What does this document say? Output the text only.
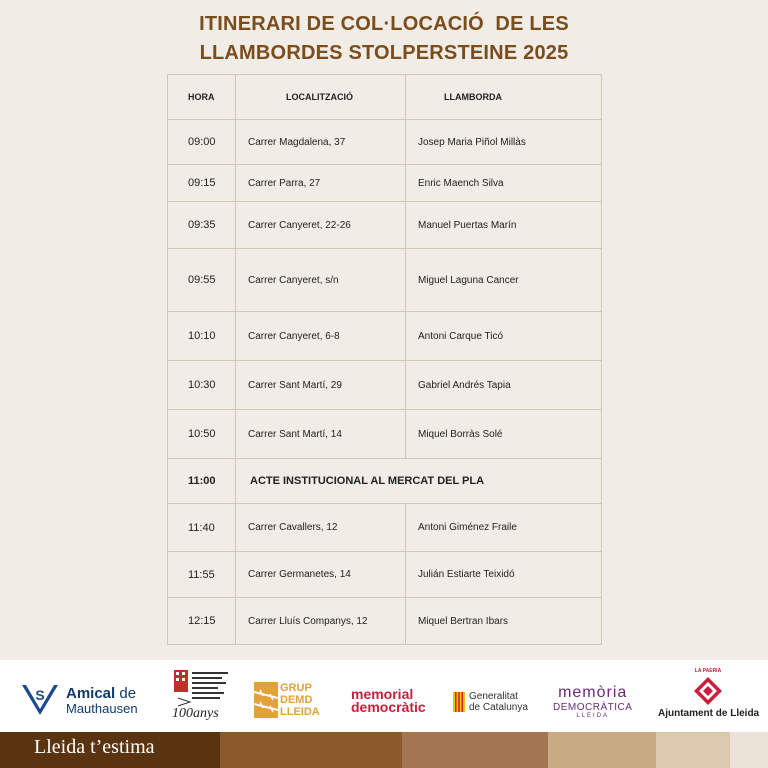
ITINERARI DE COL·LOCACIÓ  DE LES
LLAMBORDES STOLPERSTEINE 2025
HORA	LOCALITZACIÓ	LLAMBORDA
09:00	Carrer Magdalena, 37	Josep Maria Piñol Millàs
09:15	Carrer Parra, 27	Enric Maench Silva
09:35	Carrer Canyeret, 22-26	Manuel Puertas Marín
09:55	Carrer Canyeret, s/n	Miguel Laguna Cancer
10:10	Carrer Canyeret, 6-8	Antoni Carque Ticó
10:30	Carrer Sant Martí, 29	Gabriel Andrés Tapia
10:50	Carrer Sant Martí, 14	Miquel Borràs Solé
11:00	ACTE INSTITUCIONAL AL MERCAT DEL PLA	
11:40	Carrer Cavallers, 12	Antoni Giménez Fraile
11:55	Carrer Germanetes, 14	Julián Estiarte Teixidó
12:15	Carrer Lluís Companys, 12	Miquel Bertran Ibars
S Amical de
Mauthausen 100anys
GRUP
DEMD
LLEIDA
memorial
democràtic
Generalitat
de Catalunya
memòria
DEMOCRÀTICA
LLEIDA
LA PAERIA
Ajuntament de Lleida
Lleida t’estima
